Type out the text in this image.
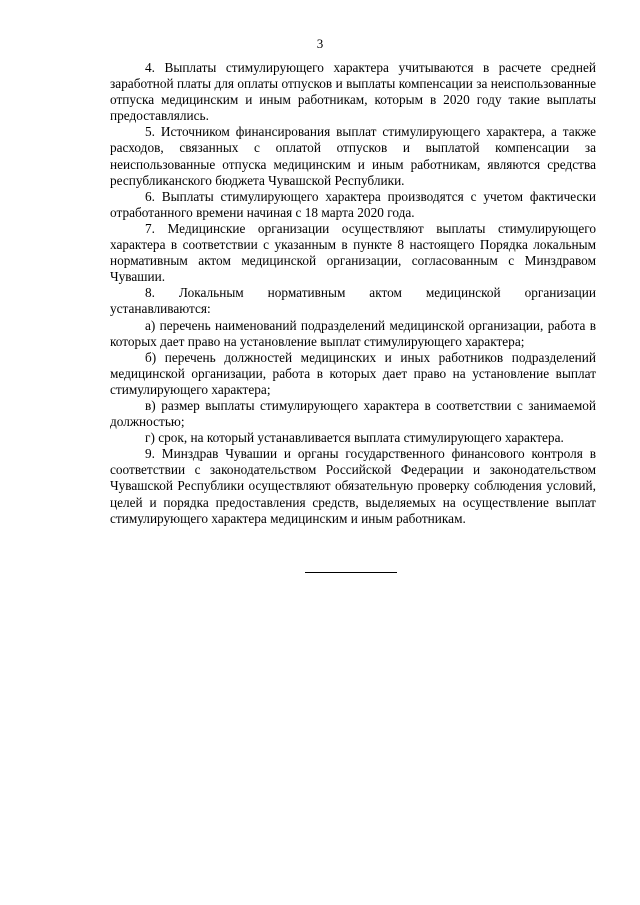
3

4. Выплаты стимулирующего характера учитываются в расчете средней заработной платы для оплаты отпусков и выплаты компенсации за неиспользованные отпуска медицинским и иным работникам, которым в 2020 году такие выплаты предоставлялись.

5. Источником финансирования выплат стимулирующего характера, а также расходов, связанных с оплатой отпусков и выплатой компенсации за неиспользованные отпуска медицинским и иным работникам, являются средства республиканского бюджета Чувашской Республики.

6. Выплаты стимулирующего характера производятся с учетом фактически отработанного времени начиная с 18 марта 2020 года.

7. Медицинские организации осуществляют выплаты стимулирующего характера в соответствии с указанным в пункте 8 настоящего Порядка локальным нормативным актом медицинской организации, согласованным с Минздравом Чувашии.

8. Локальным нормативным актом медицинской организации устанавливаются:

а) перечень наименований подразделений медицинской организации, работа в которых дает право на установление выплат стимулирующего характера;

б) перечень должностей медицинских и иных работников подразделений медицинской организации, работа в которых дает право на установление выплат стимулирующего характера;

в) размер выплаты стимулирующего характера в соответствии с занимаемой должностью;

г) срок, на который устанавливается выплата стимулирующего характера.

9. Минздрав Чувашии и органы государственного финансового контроля в соответствии с законодательством Российской Федерации и законодательством Чувашской Республики осуществляют обязательную проверку соблюдения условий, целей и порядка предоставления средств, выделяемых на осуществление выплат стимулирующего характера медицинским и иным работникам.
